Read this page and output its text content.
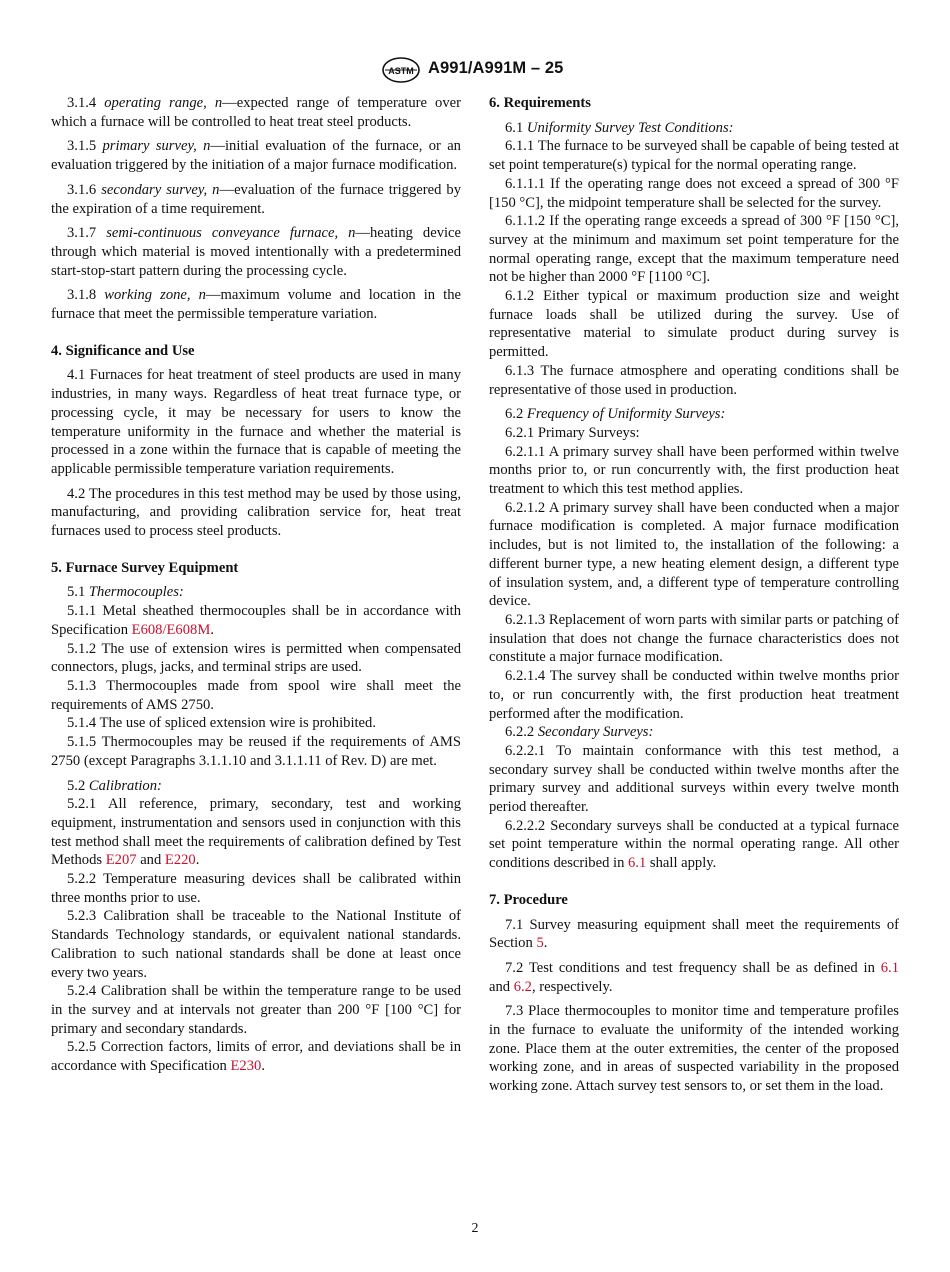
ASTM A991/A991M – 25

3.1.4 operating range, n—expected range of temperature over which a furnace will be controlled to heat treat steel products.

3.1.5 primary survey, n—initial evaluation of the furnace, or an evaluation triggered by the initiation of a major furnace modification.

3.1.6 secondary survey, n—evaluation of the furnace triggered by the expiration of a time requirement.

3.1.7 semi-continuous conveyance furnace, n—heating device through which material is moved intentionally with a predetermined start-stop-start pattern during the processing cycle.

3.1.8 working zone, n—maximum volume and location in the furnace that meet the permissible temperature variation.

4. Significance and Use

4.1 Furnaces for heat treatment of steel products are used in many industries, in many ways. Regardless of heat treat furnace type, or processing cycle, it may be necessary for users to know the temperature uniformity in the furnace and whether the material is processed in a zone within the furnace that is capable of meeting the applicable permissible temperature variation requirements.

4.2 The procedures in this test method may be used by those using, manufacturing, and providing calibration service for, heat treat furnaces used to process steel products.

5. Furnace Survey Equipment

5.1 Thermocouples:

5.1.1 Metal sheathed thermocouples shall be in accordance with Specification E608/E608M.

5.1.2 The use of extension wires is permitted when compensated connectors, plugs, jacks, and terminal strips are used.

5.1.3 Thermocouples made from spool wire shall meet the requirements of AMS 2750.

5.1.4 The use of spliced extension wire is prohibited.

5.1.5 Thermocouples may be reused if the requirements of AMS 2750 (except Paragraphs 3.1.1.10 and 3.1.1.11 of Rev. D) are met.

5.2 Calibration:

5.2.1 All reference, primary, secondary, test and working equipment, instrumentation and sensors used in conjunction with this test method shall meet the requirements of calibration defined by Test Methods E207 and E220.

5.2.2 Temperature measuring devices shall be calibrated within three months prior to use.

5.2.3 Calibration shall be traceable to the National Institute of Standards Technology standards, or equivalent national standards. Calibration to such national standards shall be done at least once every two years.

5.2.4 Calibration shall be within the temperature range to be used in the survey and at intervals not greater than 200 °F [100 °C] for primary and secondary standards.

5.2.5 Correction factors, limits of error, and deviations shall be in accordance with Specification E230.

6. Requirements

6.1 Uniformity Survey Test Conditions:

6.1.1 The furnace to be surveyed shall be capable of being tested at set point temperature(s) typical for the normal operating range.

6.1.1.1 If the operating range does not exceed a spread of 300 °F [150 °C], the midpoint temperature shall be selected for the survey.

6.1.1.2 If the operating range exceeds a spread of 300 °F [150 °C], survey at the minimum and maximum set point temperature for the normal operating range, except that the maximum temperature need not be higher than 2000 °F [1100 °C].

6.1.2 Either typical or maximum production size and weight furnace loads shall be utilized during the survey. Use of representative material to simulate product during survey is permitted.

6.1.3 The furnace atmosphere and operating conditions shall be representative of those used in production.

6.2 Frequency of Uniformity Surveys:

6.2.1 Primary Surveys:

6.2.1.1 A primary survey shall have been performed within twelve months prior to, or run concurrently with, the first production heat treatment to which this test method applies.

6.2.1.2 A primary survey shall have been conducted when a major furnace modification is completed. A major furnace modification includes, but is not limited to, the installation of the following: a different burner type, a new heating element design, a different type of insulation system, and, a different type of temperature controlling device.

6.2.1.3 Replacement of worn parts with similar parts or patching of insulation that does not change the furnace characteristics does not constitute a major furnace modification.

6.2.1.4 The survey shall be conducted within twelve months prior to, or run concurrently with, the first production heat treatment performed after the modification.

6.2.2 Secondary Surveys:

6.2.2.1 To maintain conformance with this test method, a secondary survey shall be conducted within twelve months after the primary survey and additional surveys within every twelve month period thereafter.

6.2.2.2 Secondary surveys shall be conducted at a typical furnace set point temperature within the normal operating range. All other conditions described in 6.1 shall apply.

7. Procedure

7.1 Survey measuring equipment shall meet the requirements of Section 5.

7.2 Test conditions and test frequency shall be as defined in 6.1 and 6.2, respectively.

7.3 Place thermocouples to monitor time and temperature profiles in the furnace to evaluate the uniformity of the intended working zone. Place them at the outer extremities, the center of the proposed working zone, and in areas of suspected variability in the proposed working zone. Attach survey test sensors to, or set them in the load.

2
